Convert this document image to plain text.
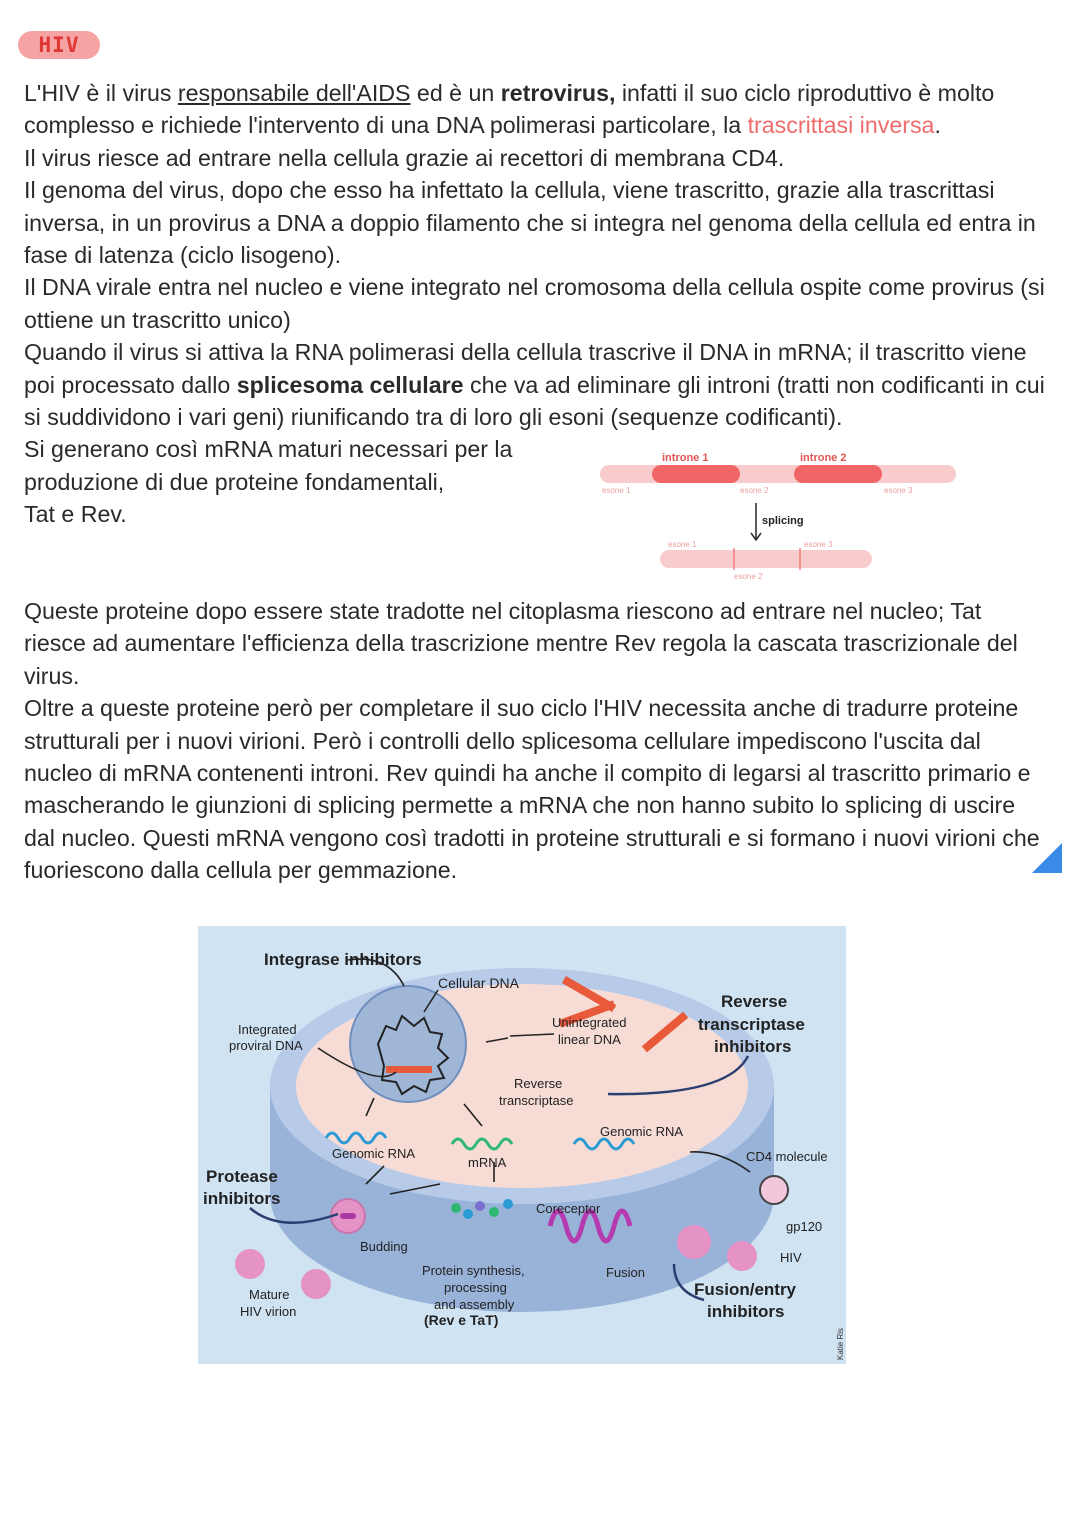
HIV

L'HIV è il virus responsabile dell'AIDS ed è un retrovirus, infatti il suo ciclo riproduttivo è molto complesso e richiede l'intervento di una DNA polimerasi particolare, la trascrittasi inversa.

Il virus riesce ad entrare nella cellula grazie ai recettori di membrana CD4.

Il genoma del virus, dopo che esso ha infettato la cellula, viene trascritto, grazie alla trascrittasi inversa, in un provirus a DNA a doppio filamento che si integra nel genoma della cellula ed entra in fase di latenza (ciclo lisogeno).

Il DNA virale entra nel nucleo e viene integrato nel cromosoma della cellula ospite come provirus (si ottiene un trascritto unico)

Quando il virus si attiva la RNA polimerasi della cellula trascrive il DNA in mRNA; il trascritto viene poi processato dallo splicesoma cellulare che va ad eliminare gli introni (tratti non codificanti in cui si suddividono i vari geni) riunificando tra di loro gli esoni (sequenze codificanti).

Si generano così mRNA maturi necessari per la produzione di due proteine fondamentali,
Tat e Rev.

Queste proteine dopo essere state tradotte nel citoplasma riescono ad entrare nel nucleo; Tat riesce ad aumentare l'efficienza della trascrizione mentre Rev regola la cascata trascrizionale del virus.

Oltre a queste proteine però per completare il suo ciclo l'HIV necessita anche di tradurre proteine strutturali per i nuovi virioni. Però i controlli dello splicesoma cellulare impediscono l'uscita dal nucleo di mRNA contenenti introni. Rev quindi ha anche il compito di legarsi al trascritto primario e mascherando le giunzioni di splicing permette a mRNA che non hanno subito lo splicing di uscire dal nucleo. Questi mRNA vengono così tradotti in proteine strutturali e si formano i nuovi virioni che fuoriescono dalla cellula per gemmazione.

introne 1	introne 2
esone 1	esone 2	esone 3
splicing
esone 1	esone 3
esone 2
Integrase inhibitors
Cellular DNA
Integrated
proviral DNA
Unintegrated
linear DNA
Reverse
transcriptase
inhibitors
Reverse
transcriptase
Genomic RNA
Genomic RNA
mRNA	CD4 molecule
Protease
inhibitors
Coreceptor
gp120
Budding
HIV
Protein synthesis,
processing
and assembly
(Rev e TaT)
Fusion
Fusion/entry
inhibitors
Mature
HIV virion
Katie Ris
